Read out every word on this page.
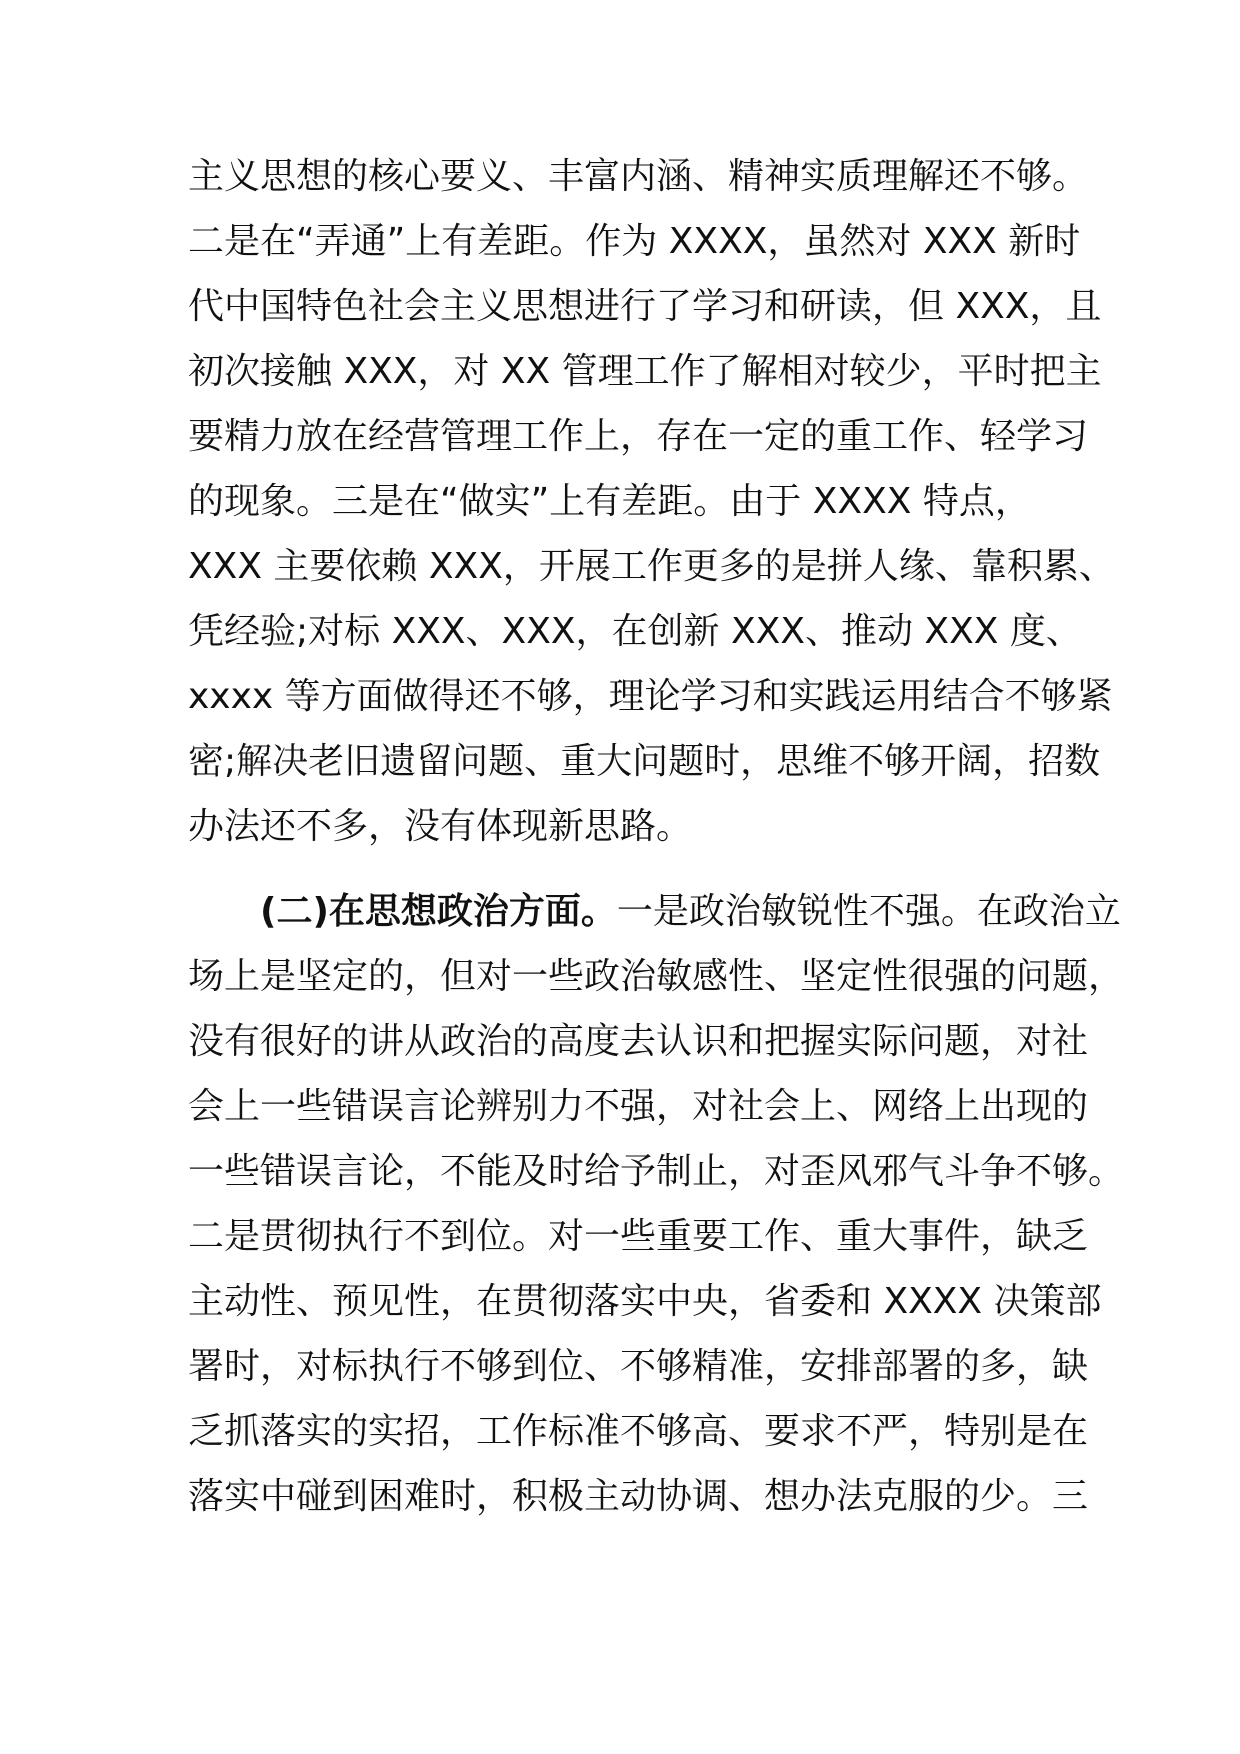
主义思想的核心要义、丰富内涵、精神实质理解还不够。
二是在“弄通”上有差距。作为 XXXX，虽然对 XXX 新时
代中国特色社会主义思想进行了学习和研读，但 XXX，且
初次接触 XXX，对 XX 管理工作了解相对较少，平时把主
要精力放在经营管理工作上，存在一定的重工作、轻学习
的现象。三是在“做实”上有差距。由于 XXXX 特点，
XXX 主要依赖 XXX，开展工作更多的是拼人缘、靠积累、
凭经验;对标 XXX、XXX，在创新 XXX、推动 XXX 度、
xxxx 等方面做得还不够，理论学习和实践运用结合不够紧
密;解决老旧遗留问题、重大问题时，思维不够开阔，招数
办法还不多，没有体现新思路。
(二)在思想政治方面。一是政治敏锐性不强。在政治立
场上是坚定的，但对一些政治敏感性、坚定性很强的问题，
没有很好的讲从政治的高度去认识和把握实际问题，对社
会上一些错误言论辨别力不强，对社会上、网络上出现的
一些错误言论，不能及时给予制止，对歪风邪气斗争不够。
二是贯彻执行不到位。对一些重要工作、重大事件，缺乏
主动性、预见性，在贯彻落实中央，省委和 XXXX 决策部
署时，对标执行不够到位、不够精准，安排部署的多，缺
乏抓落实的实招，工作标准不够高、要求不严，特别是在
落实中碰到困难时，积极主动协调、想办法克服的少。三
